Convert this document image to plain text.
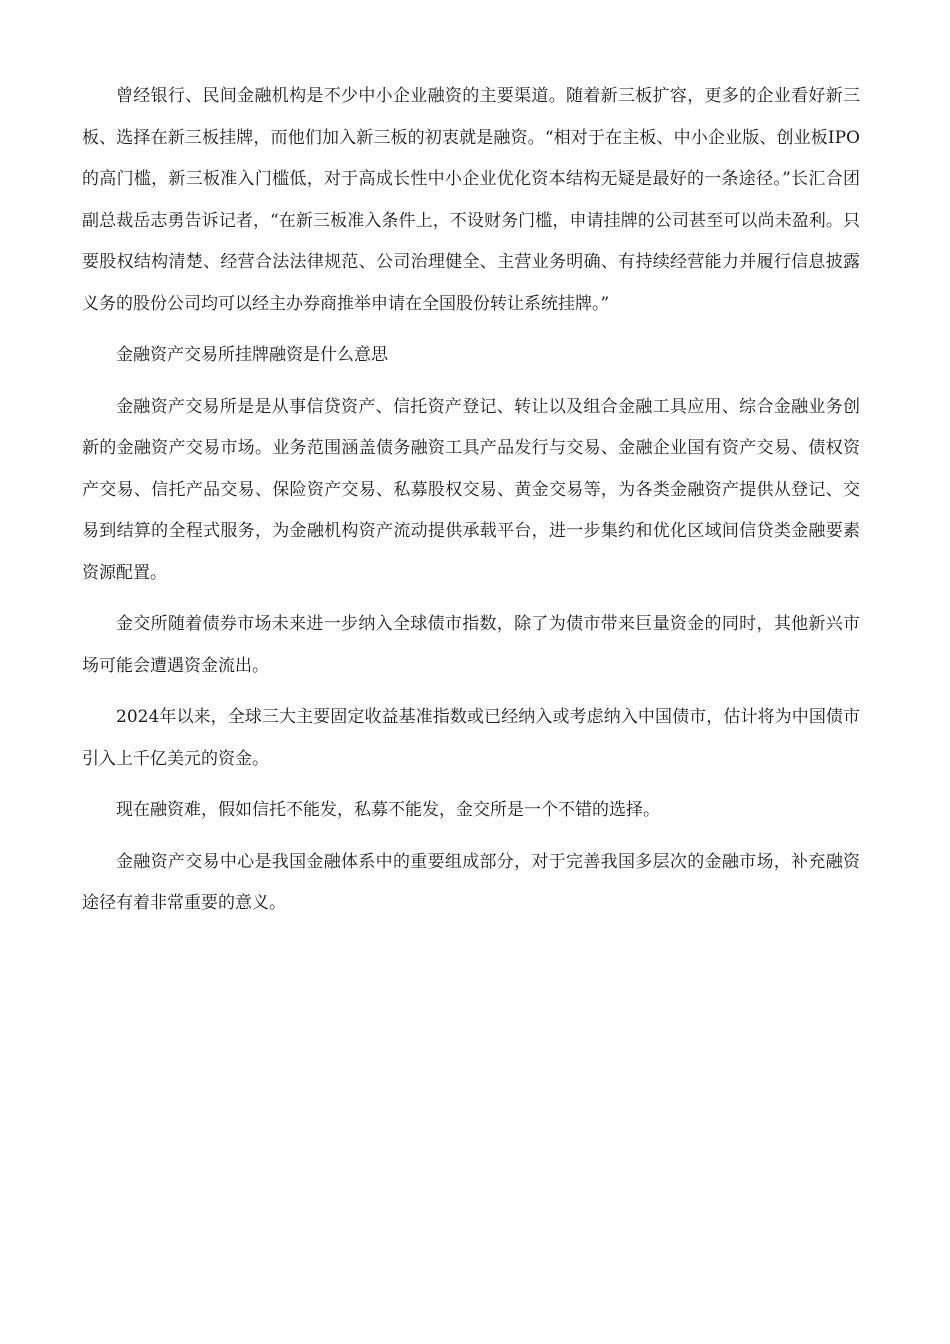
曾经银行、民间金融机构是不少中小企业融资的主要渠道。随着新三板扩容，更多的企业看好新三板、选择在新三板挂牌，而他们加入新三板的初衷就是融资。“相对于在主板、中小企业版、创业板IPO的高门槛，新三板准入门槛低，对于高成长性中小企业优化资本结构无疑是最好的一条途径。”长汇合团副总裁岳志勇告诉记者，“在新三板准入条件上，不设财务门槛，申请挂牌的公司甚至可以尚未盈利。只要股权结构清楚、经营合法法律规范、公司治理健全、主营业务明确、有持续经营能力并履行信息披露义务的股份公司均可以经主办券商推举申请在全国股份转让系统挂牌。”

金融资产交易所挂牌融资是什么意思

金融资产交易所是是从事信贷资产、信托资产登记、转让以及组合金融工具应用、综合金融业务创新的金融资产交易市场。业务范围涵盖债务融资工具产品发行与交易、金融企业国有资产交易、债权资产交易、信托产品交易、保险资产交易、私募股权交易、黄金交易等，为各类金融资产提供从登记、交易到结算的全程式服务，为金融机构资产流动提供承载平台，进一步集约和优化区域间信贷类金融要素资源配置。

金交所随着债券市场未来进一步纳入全球债市指数，除了为债市带来巨量资金的同时，其他新兴市场可能会遭遇资金流出。

2024年以来，全球三大主要固定收益基准指数或已经纳入或考虑纳入中国债市，估计将为中国债市引入上千亿美元的资金。

现在融资难，假如信托不能发，私募不能发，金交所是一个不错的选择。

金融资产交易中心是我国金融体系中的重要组成部分，对于完善我国多层次的金融市场，补充融资途径有着非常重要的意义。
